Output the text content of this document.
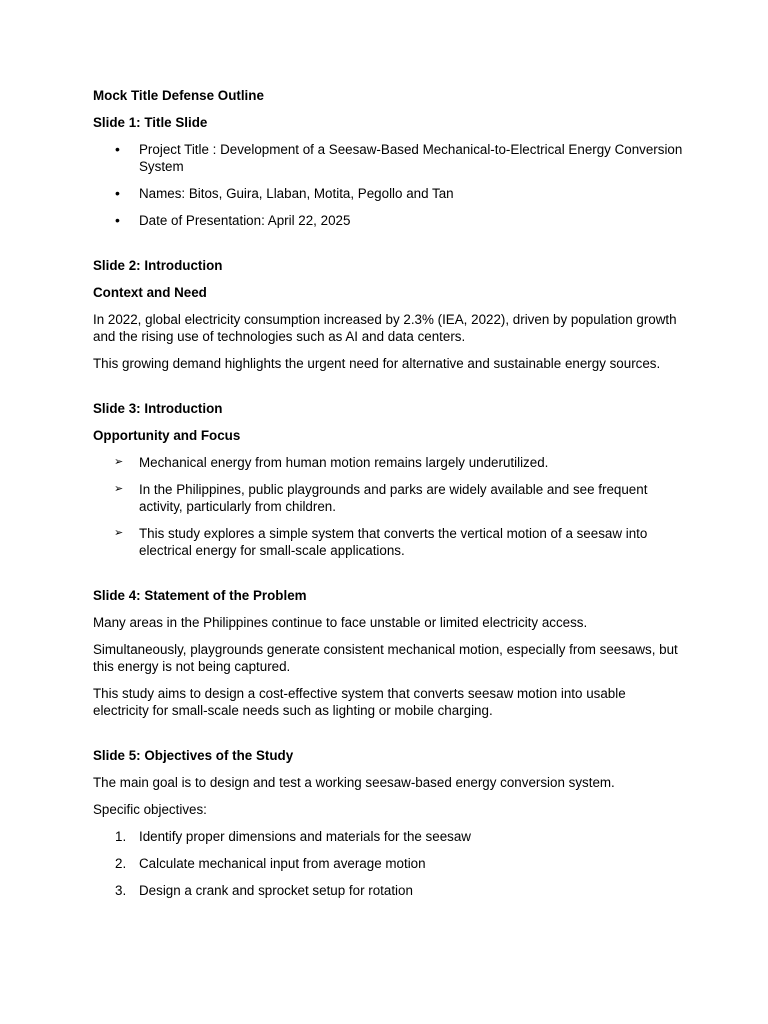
Mock Title Defense Outline
Slide 1: Title Slide
•	Project Title : Development of a Seesaw-Based Mechanical-to-Electrical Energy Conversion System
•	Names: Bitos, Guira, Llaban, Motita, Pegollo and Tan
•	Date of Presentation: April 22, 2025
Slide 2: Introduction
Context and Need
In 2022, global electricity consumption increased by 2.3% (IEA, 2022), driven by population growth and the rising use of technologies such as AI and data centers.
This growing demand highlights the urgent need for alternative and sustainable energy sources.
Slide 3: Introduction
Opportunity and Focus
➢	Mechanical energy from human motion remains largely underutilized.
➢	In the Philippines, public playgrounds and parks are widely available and see frequent activity, particularly from children.
➢	This study explores a simple system that converts the vertical motion of a seesaw into electrical energy for small-scale applications.
Slide 4: Statement of the Problem
Many areas in the Philippines continue to face unstable or limited electricity access.
Simultaneously, playgrounds generate consistent mechanical motion, especially from seesaws, but this energy is not being captured.
This study aims to design a cost-effective system that converts seesaw motion into usable electricity for small-scale needs such as lighting or mobile charging.
Slide 5: Objectives of the Study
The main goal is to design and test a working seesaw-based energy conversion system.
Specific objectives:
1. Identify proper dimensions and materials for the seesaw
2. Calculate mechanical input from average motion
3. Design a crank and sprocket setup for rotation
